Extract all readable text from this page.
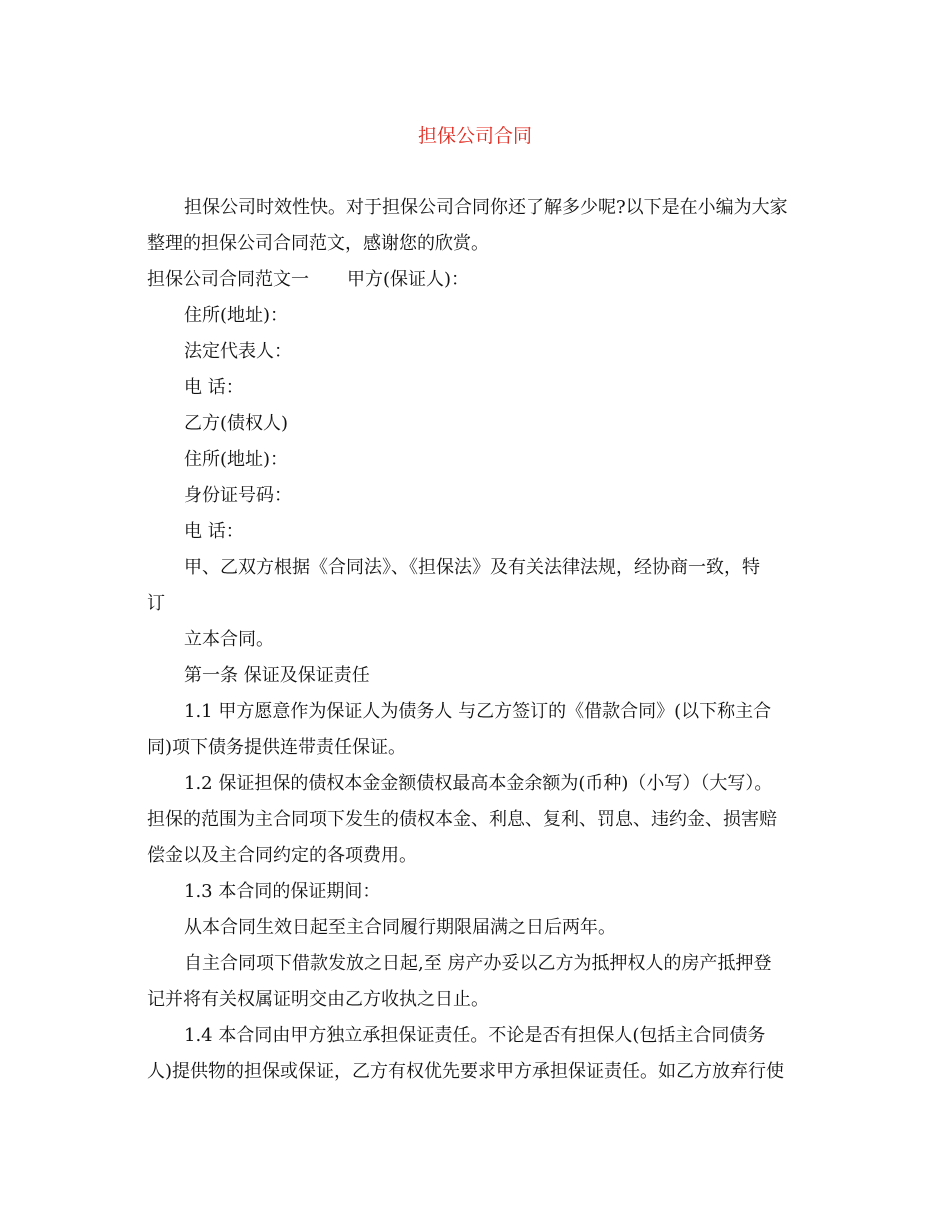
担保公司合同
担保公司时效性快。对于担保公司合同你还了解多少呢?以下是在小编为大家
整理的担保公司合同范文，感谢您的欣赏。
担保公司合同范文一 甲方(保证人)：
住所(地址)：
法定代表人：
电 话：
乙方(债权人)
住所(地址)：
身份证号码：
电 话：
甲、乙双方根据《合同法》、《担保法》及有关法律法规，经协商一致，特
订
立本合同。
第一条 保证及保证责任
1.1 甲方愿意作为保证人为债务人 与乙方签订的《借款合同》(以下称主合
同)项下债务提供连带责任保证。
1.2 保证担保的债权本金金额债权最高本金余额为(币种)（小写）（大写）。
担保的范围为主合同项下发生的债权本金、利息、复利、罚息、违约金、损害赔
偿金以及主合同约定的各项费用。
1.3 本合同的保证期间：
从本合同生效日起至主合同履行期限届满之日后两年。
自主合同项下借款发放之日起,至 房产办妥以乙方为抵押权人的房产抵押登
记并将有关权属证明交由乙方收执之日止。
1.4 本合同由甲方独立承担保证责任。不论是否有担保人(包括主合同债务
人)提供物的担保或保证，乙方有权优先要求甲方承担保证责任。如乙方放弃行使
